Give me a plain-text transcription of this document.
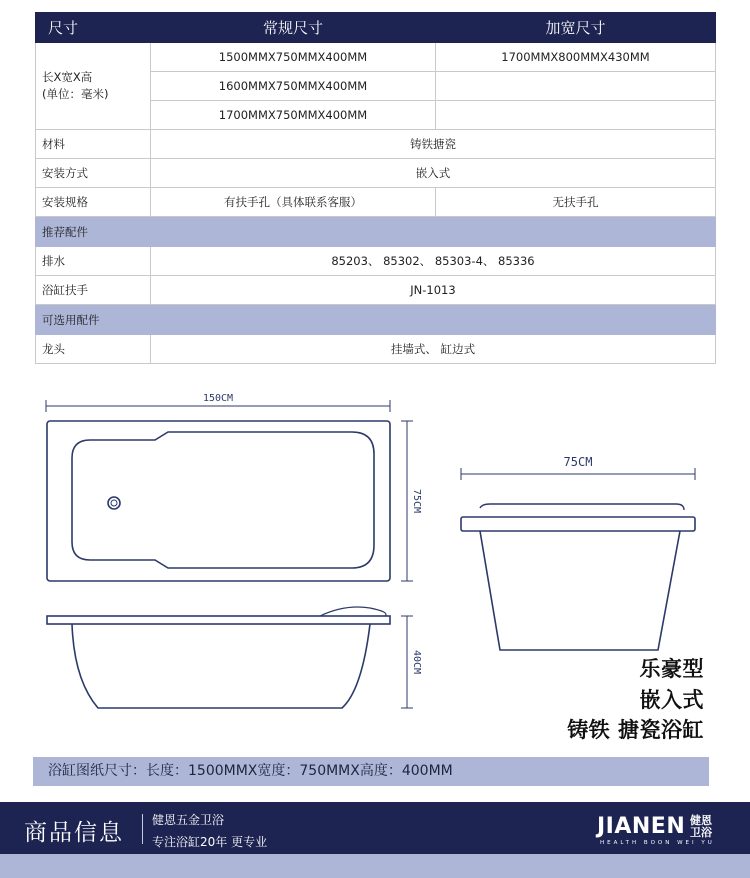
尺寸	常规尺寸	加宽尺寸
长X宽X高
(单位：毫米)	1500MMX750MMX400MM	1700MMX800MMX430MM
	1600MMX750MMX400MM	
	1700MMX750MMX400MM	
材料	铸铁搪瓷	
安装方式	嵌入式	
安装规格	有扶手孔（具体联系客服）	无扶手孔
推荐配件		
排水	85203、 85302、 85303-4、 85336	
浴缸扶手	JN-1013	
可选用配件		
龙头	挂墙式、 缸边式	
150CM
75CM
75CM
40CM	乐豪型
嵌入式
铸铁 搪瓷浴缸
浴缸图纸尺寸：长度：1500MMX宽度：750MMX高度：400MM
商品信息 健恩五金卫浴
专注浴缸20年 更专业
JIANEN 健恩卫浴
HEALTH BOON WEI YU
